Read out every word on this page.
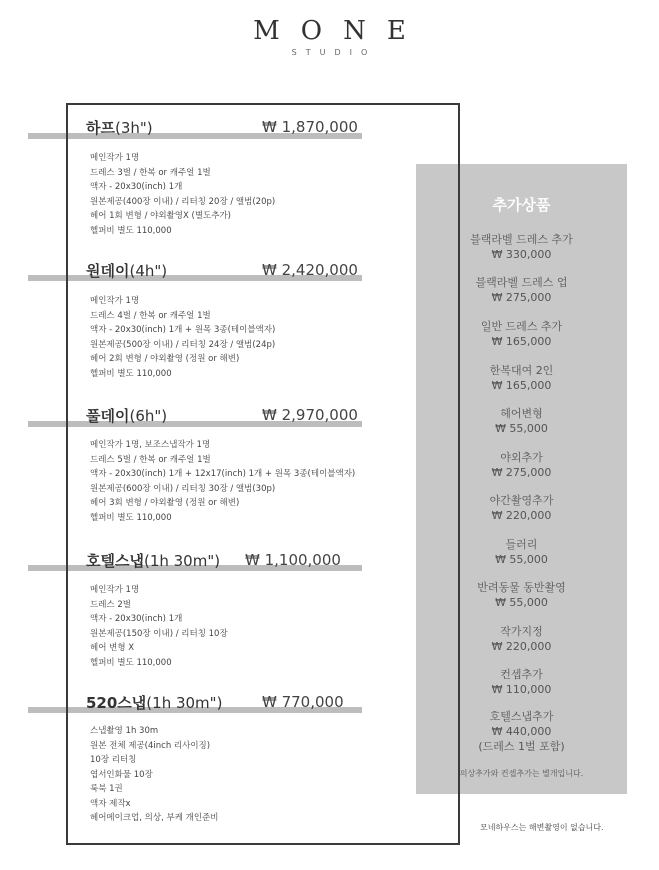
MONE
STUDIO
하프(3h")	₩ 1,870,000
메인작가 1명
드레스 3벌 / 한복 or 캐주얼 1벌
액자 - 20x30(inch) 1개
원본제공(400장 이내) / 리터칭 20장 / 앨범(20p)
헤어 1회 변형 / 야외촬영X (별도추가)
헬퍼비 별도 110,000
원데이(4h")	₩ 2,420,000
메인작가 1명
드레스 4벌 / 한복 or 캐주얼 1벌
액자 - 20x30(inch) 1개 + 원목 3종(테이블액자)
원본제공(500장 이내) / 리터칭 24장 / 앨범(24p)
헤어 2회 변형 / 야외촬영 (정원 or 해변)
헬퍼비 별도 110,000
풀데이(6h")	₩ 2,970,000
메인작가 1명, 보조스냅작가 1명
드레스 5벌 / 한복 or 캐주얼 1벌
액자 - 20x30(inch) 1개 + 12x17(inch) 1개 + 원목 3종(테이블액자)
원본제공(600장 이내) / 리터칭 30장 / 앨범(30p)
헤어 3회 변형 / 야외촬영 (정원 or 해변)
헬퍼비 별도 110,000
호텔스냅(1h 30m") ₩ 1,100,000
메인작가 1명
드레스 2벌
액자 - 20x30(inch) 1개
원본제공(150장 이내) / 리터칭 10장
헤어 변형 X
헬퍼비 별도 110,000
520스냅(1h 30m")	₩ 770,000
스냅촬영 1h 30m
원본 전체 제공(4inch 리사이징)
10장 리터칭
엽서인화물 10장
룩북 1권
액자 제작x
헤어메이크업, 의상, 부케 개인준비
추가상품
블랙라벨 드레스 추가
₩ 330,000
블랙라벨 드레스 업
₩ 275,000
일반 드레스 추가
₩ 165,000
한복대여 2인
₩ 165,000
헤어변형
₩ 55,000
야외추가
₩ 275,000
야간촬영추가
₩ 220,000
들러리
₩ 55,000
반려동물 동반촬영
₩ 55,000
작가지정
₩ 220,000
컨셉추가
₩ 110,000
호텔스냅추가
₩ 440,000
(드레스 1벌 포함)
의상추가와 컨셉추가는 별개입니다.
모네하우스는 해변촬영이 없습니다.
